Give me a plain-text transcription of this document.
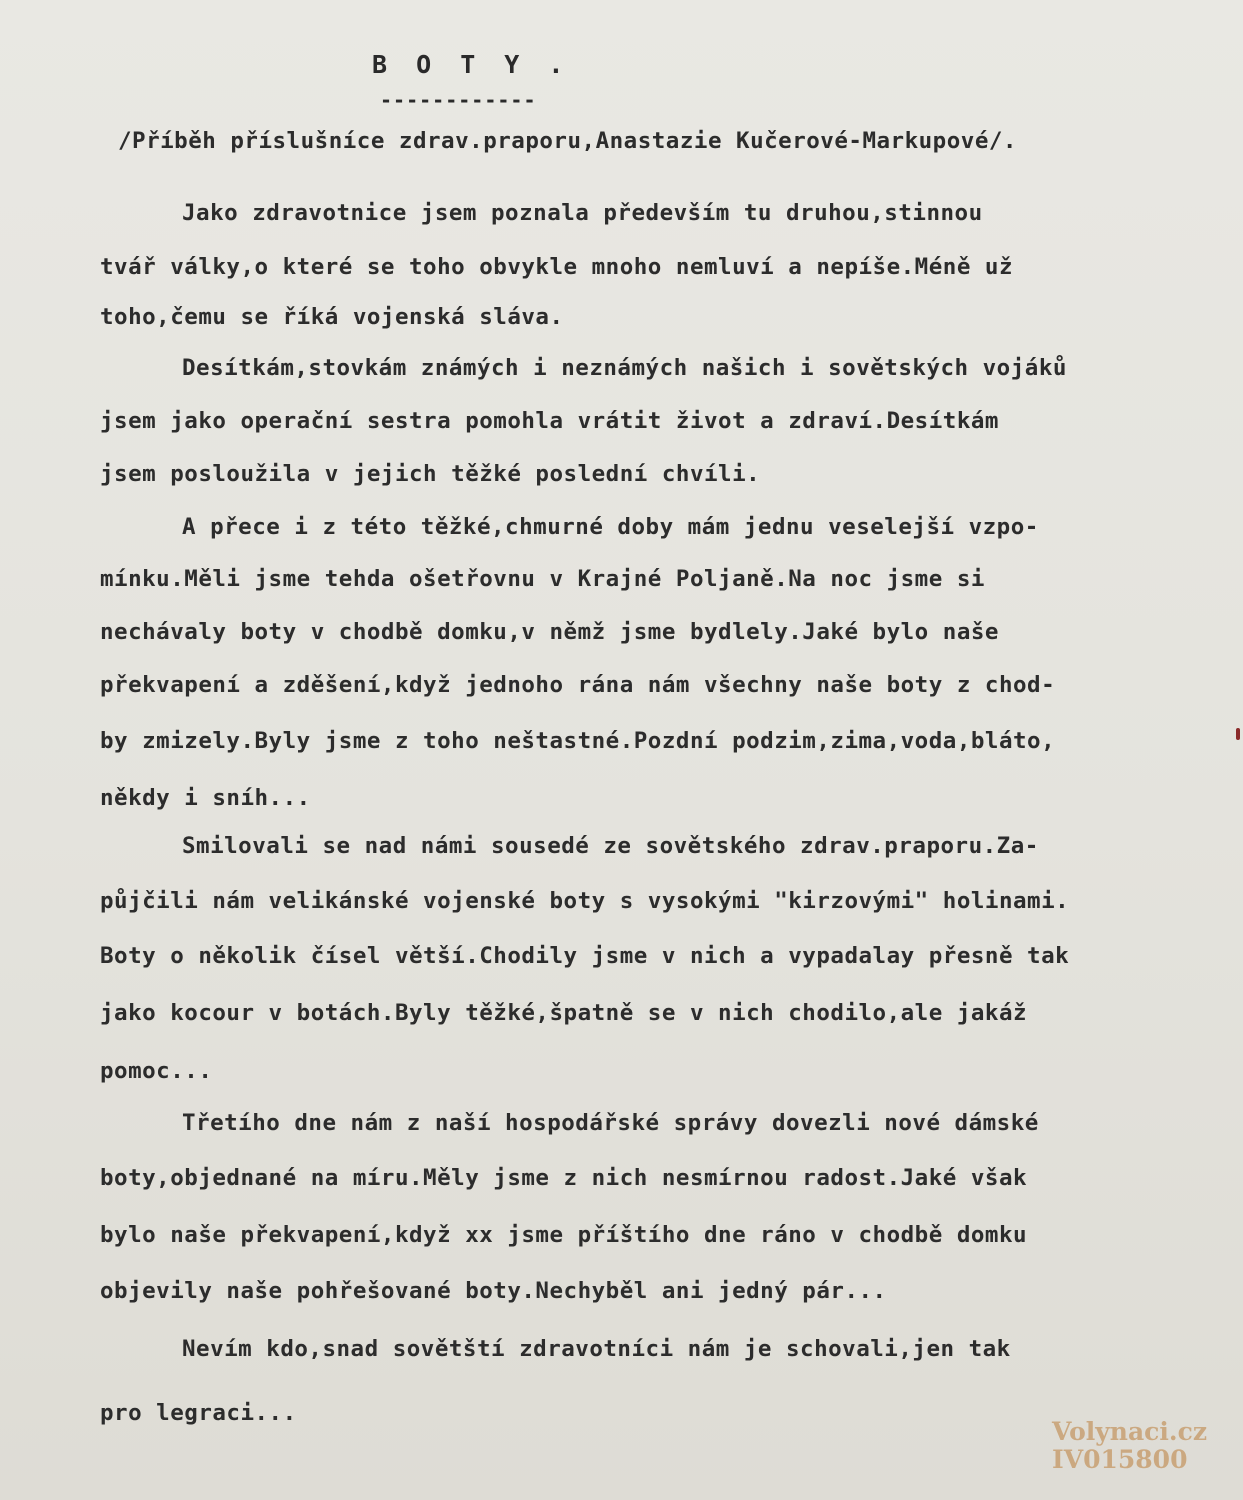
B O T Y .
------------
/Příběh příslušníce zdrav.praporu,Anastazie Kučerové-Markupové/.
Jako zdravotnice jsem poznala především tu druhou,stinnou
tvář války,o které se toho obvykle mnoho nemluví a nepíše.Méně už
toho,čemu se říká vojenská sláva.
Desítkám,stovkám známých i neznámých našich i sovětských vojáků
jsem jako operační sestra pomohla vrátit život a zdraví.Desítkám
jsem posloužila v jejich těžké poslední chvíli.
A přece i z této těžké,chmurné doby mám jednu veselejší vzpo-
mínku.Měli jsme tehda ošetřovnu v Krajné Poljaně.Na noc jsme si
nechávaly boty v chodbě domku,v němž jsme bydlely.Jaké bylo naše
překvapení a zděšení,když jednoho rána nám všechny naše boty z chod-
by zmizely.Byly jsme z toho neštastné.Pozdní podzim,zima,voda,bláto,
někdy i sníh...
Smilovali se nad námi sousedé ze sovětského zdrav.praporu.Za-
půjčili nám velikánské vojenské boty s vysokými "kirzovými" holinami.
Boty o několik čísel větší.Chodily jsme v nich a vypadalay přesně tak
jako kocour v botách.Byly těžké,špatně se v nich chodilo,ale jakáž
pomoc...
Třetího dne nám z naší hospodářské správy dovezli nové dámské
boty,objednané na míru.Měly jsme z nich nesmírnou radost.Jaké však
bylo naše překvapení,když xx jsme příštího dne ráno v chodbě domku
objevily naše pohřešované boty.Nechyběl ani jedný pár...
Nevím kdo,snad sovětští zdravotníci nám je schovali,jen tak
pro legraci...
Volynaci.cz
IV015800
